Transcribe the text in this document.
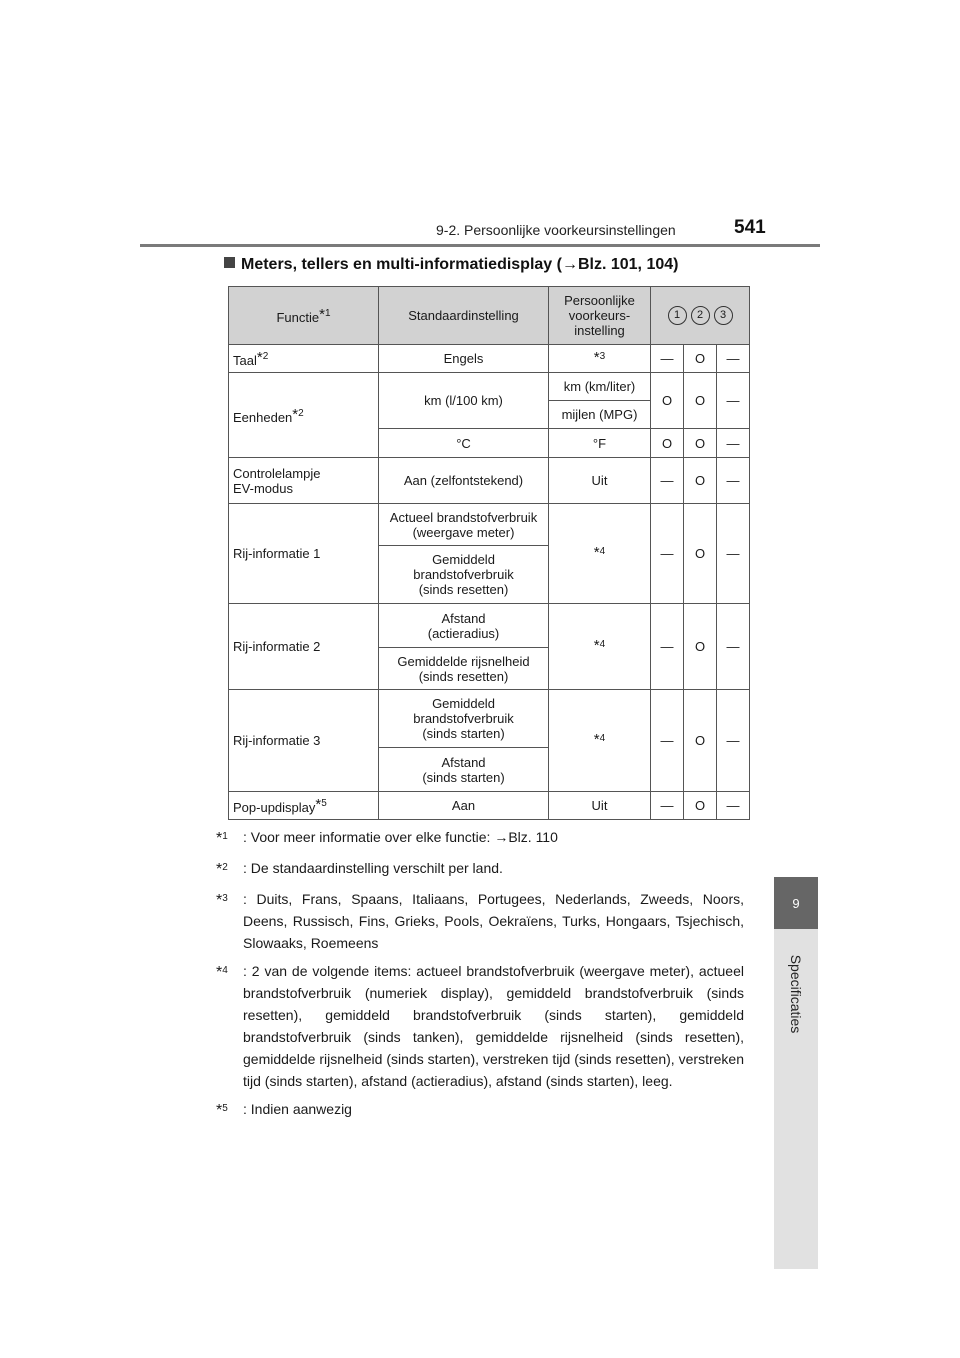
9-2. Persoonlijke voorkeursinstellingen	541
9
Specificaties
Meters, tellers en multi-informatiedisplay (→Blz. 101, 104)
Functie*$^1$	Standaardinstelling	Persoonlijke
voorkeurs-
instelling	1 2 3		
Taal*$^2$	Engels	*$^3$	—	O	—
Eenheden*$^2$	km (l/100 km)	km (km/liter)	O	O	—
		mijlen (MPG)			
	°C	°F	O	O	—
Controlelampje
EV-modus	Aan (zelfontstekend)	Uit	—	O	—
Rij-informatie 1	Actueel brandstofverbruik
(weergave meter)	*$^4$	—	O	—
	Gemiddeld
brandstofverbruik
(sinds resetten)				
Rij-informatie 2	Afstand
(actieradius)	*$^4$	—	O	—
	Gemiddelde rijsnelheid
(sinds resetten)				
Rij-informatie 3	Gemiddeld
brandstofverbruik
(sinds starten)	*$^4$	—	O	—
	Afstand
(sinds starten)				
Pop-updisplay*$^5$	Aan	Uit	—	O	—
*$^1$	: Voor meer informatie over elke functie: →Blz. 110
*$^2$	: De standaardinstelling verschilt per land.
*$^3$	: Duits, Frans, Spaans, Italiaans, Portugees, Nederlands, Zweeds, Noors, Deens, Russisch, Fins, Grieks, Pools, Oekraïens, Turks, Hongaars, Tsjechisch, Slowaaks, Roemeens
*$^4$	: 2 van de volgende items: actueel brandstofverbruik (weergave meter), actueel brandstofverbruik (numeriek display), gemiddeld brandstofverbruik (sinds resetten), gemiddeld brandstofverbruik (sinds starten), gemiddeld brandstofverbruik (sinds tanken), gemiddelde rijsnelheid (sinds resetten), gemiddelde rijsnelheid (sinds starten), verstreken tijd (sinds resetten), verstreken tijd (sinds starten), afstand (actieradius), afstand (sinds starten), leeg.
*$^5$	: Indien aanwezig
